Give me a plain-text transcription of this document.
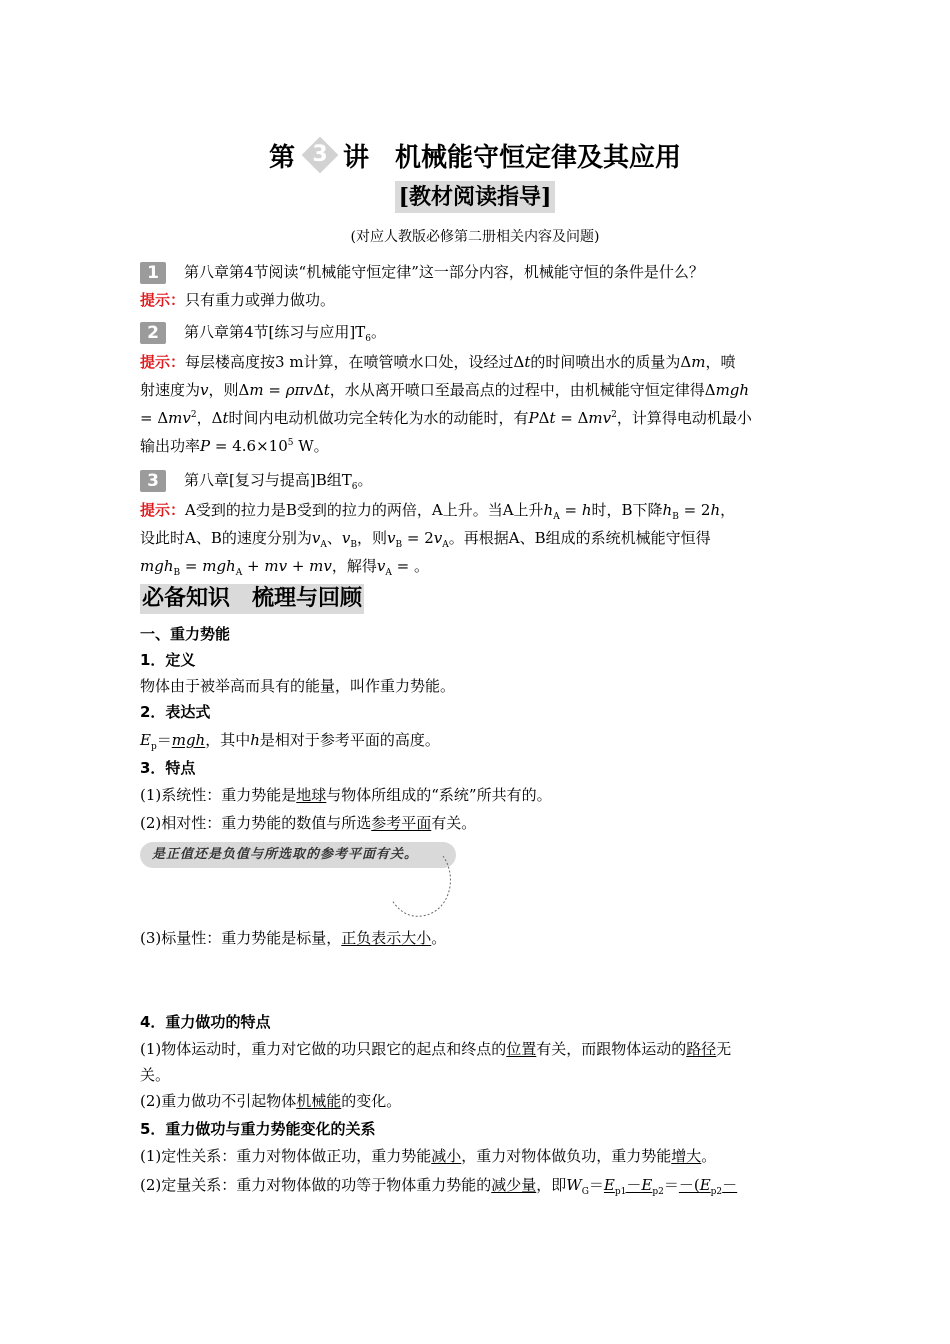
第 3 讲　机械能守恒定律及其应用
[教材阅读指导]
(对应人教版必修第二册相关内容及问题)
1 第八章第4节阅读“机械能守恒定律”这一部分内容，机械能守恒的条件是什么？
提示：只有重力或弹力做功。
2 第八章第4节[练习与应用]$T_6$。
提示：每层楼高度按3 m计算，在喷管喷水口处，设经过Δt的时间喷出水的质量为Δm，喷
射速度为v，则Δm = ρπvΔt，水从离开喷口至最高点的过程中，由机械能守恒定律得Δmgh
= Δmv$^2$，Δt时间内电动机做功完全转化为水的动能时，有PΔt = Δmv$^2$，计算得电动机最小
输出功率$P = 4.6\times 10^5$ W。
3 第八章[复习与提高]B组$T_6$。
提示：A受到的拉力是B受到的拉力的两倍，A上升。当A上升$h_A = h$时，B下降$h_B = 2h$，
设此时A、B的速度分别为$v_A$、$v_B$，则$v_B = 2v_A$。再根据A、B组成的系统机械能守恒得
mgh$_B$ = mgh$_A$ + mv + mv，解得$v_A$ = 。
必备知识　梳理与回顾
一、重力势能
1．定义
物体由于被举高而具有的能量，叫作重力势能。
2．表达式
$E_p=mgh$，其中h是相对于参考平面的高度。
3．特点
(1)系统性：重力势能是地球与物体所组成的“系统”所共有的。
(2)相对性：重力势能的数值与所选参考平面有关。
是正值还是负值与所选取的参考平面有关。
(3)标量性：重力势能是标量，正负表示大小。
4．重力做功的特点
(1)物体运动时，重力对它做的功只跟它的起点和终点的位置有关，而跟物体运动的路径无
关。
(2)重力做功不引起物体机械能的变化。
5．重力做功与重力势能变化的关系
(1)定性关系：重力对物体做正功，重力势能减小，重力对物体做负功，重力势能增大。
(2)定量关系：重力对物体做的功等于物体重力势能的减少量，即$W_G=E_{p1}-E_{p2}=-(E_{p2}-$
